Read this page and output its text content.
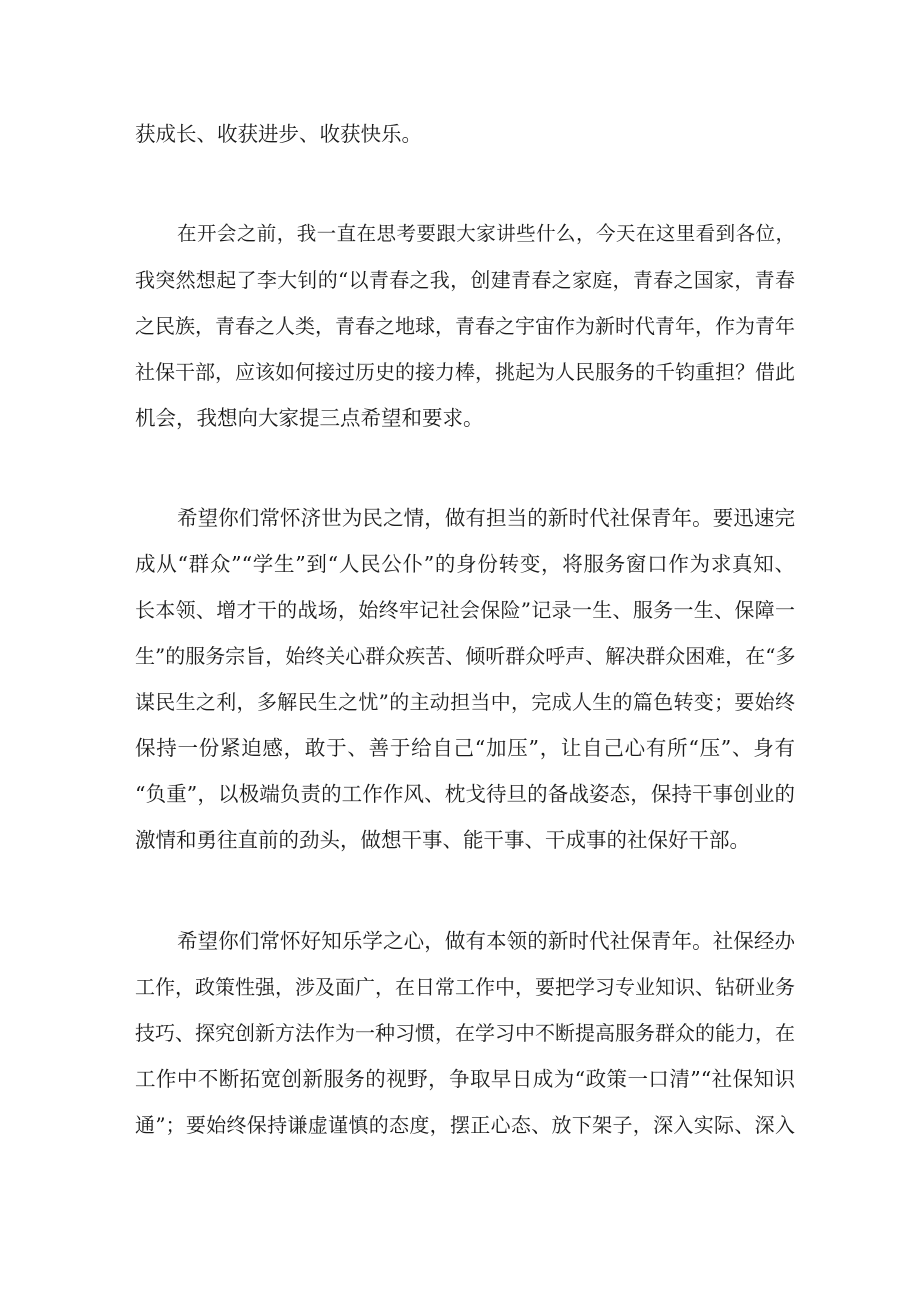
获成长、收获进步、收获快乐。
在开会之前，我一直在思考要跟大家讲些什么，今天在这里看到各位，
我突然想起了李大钊的“以青春之我，创建青春之家庭，青春之国家，青春
之民族，青春之人类，青春之地球，青春之宇宙作为新时代青年，作为青年
社保干部，应该如何接过历史的接力棒，挑起为人民服务的千钧重担？借此
机会，我想向大家提三点希望和要求。
希望你们常怀济世为民之情，做有担当的新时代社保青年。要迅速完
成从“群众”“学生”到“人民公仆”的身份转变，将服务窗口作为求真知、
长本领、增才干的战场，始终牢记社会保险”记录一生、服务一生、保障一
生”的服务宗旨，始终关心群众疾苦、倾听群众呼声、解决群众困难，在“多
谋民生之利，多解民生之忧”的主动担当中，完成人生的篇色转变；要始终
保持一份紧迫感，敢于、善于给自己“加压”，让自己心有所“压”、身有
“负重”，以极端负责的工作作风、枕戈待旦的备战姿态，保持干事创业的
激情和勇往直前的劲头，做想干事、能干事、干成事的社保好干部。
希望你们常怀好知乐学之心，做有本领的新时代社保青年。社保经办
工作，政策性强，涉及面广，在日常工作中，要把学习专业知识、钻研业务
技巧、探究创新方法作为一种习惯，在学习中不断提高服务群众的能力，在
工作中不断拓宽创新服务的视野，争取早日成为“政策一口清”“社保知识
通”；要始终保持谦虚谨慎的态度，摆正心态、放下架子，深入实际、深入
